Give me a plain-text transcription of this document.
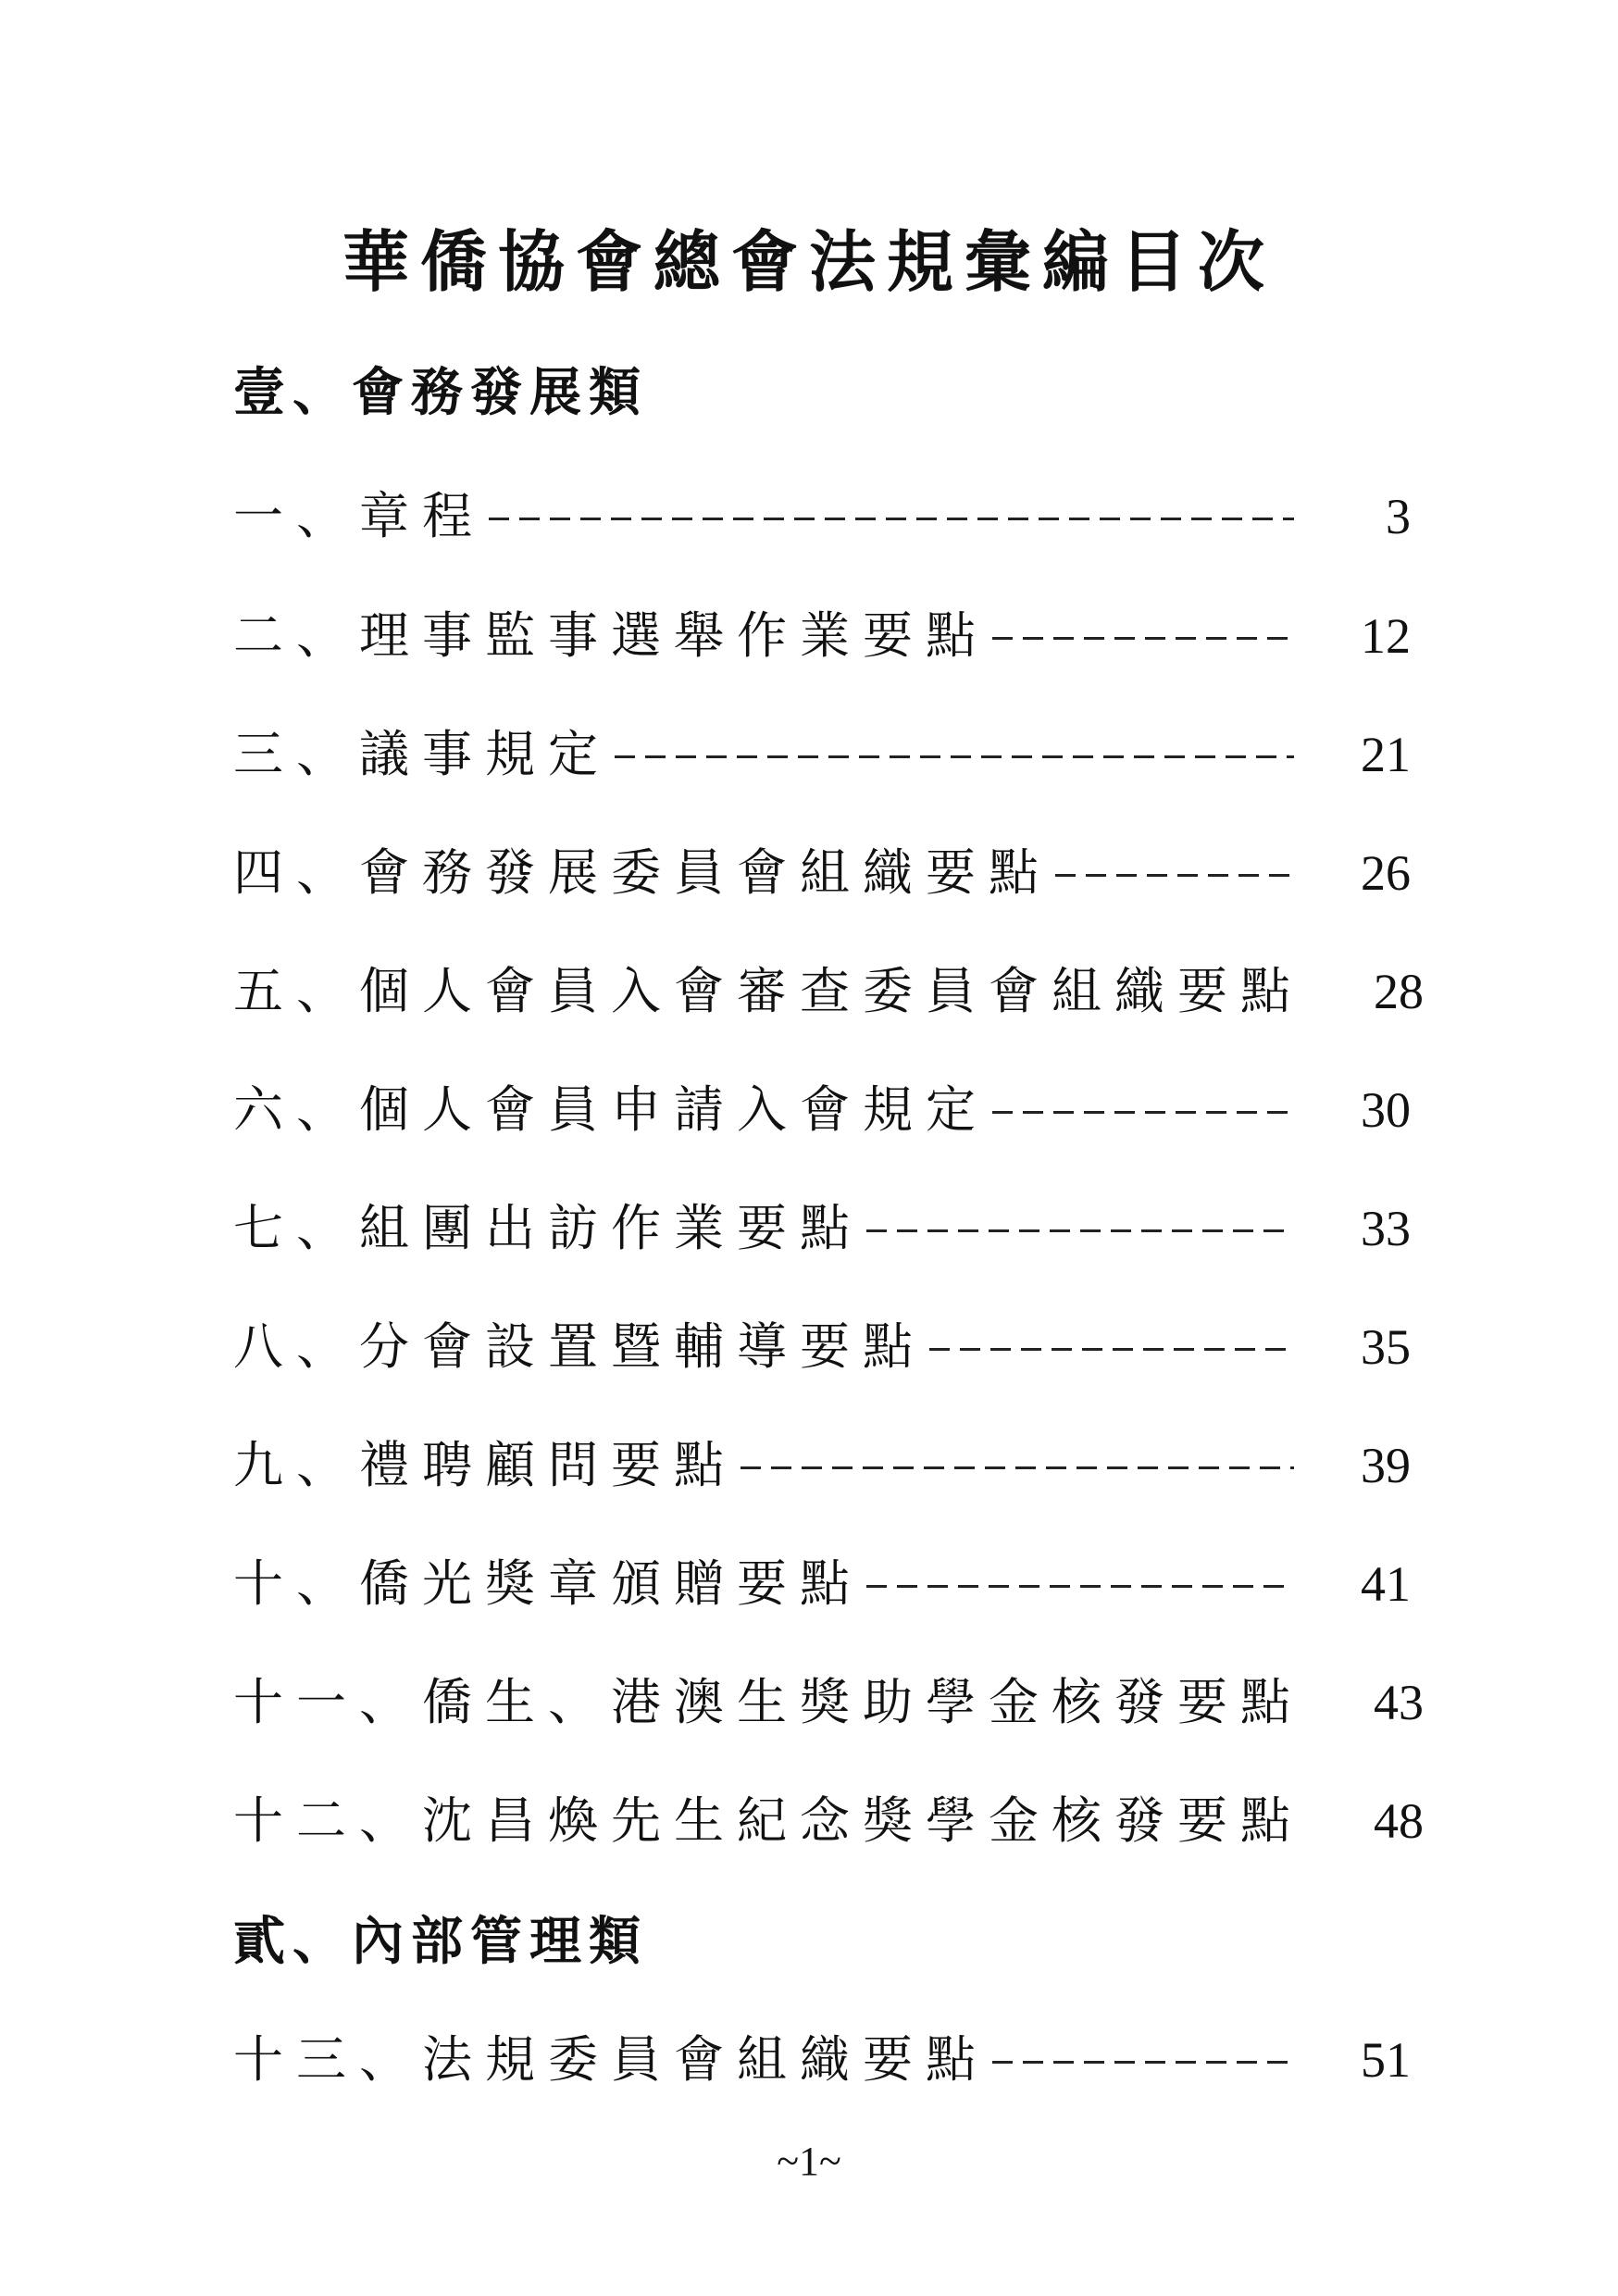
華僑協會總會法規彙編目次
壹、會務發展類
一、章程	3
二、理事監事選舉作業要點	12
三、議事規定	21
四、會務發展委員會組織要點	26
五、個人會員入會審查委員會組織要點	28
六、個人會員申請入會規定	30
七、組團出訪作業要點	33
八、分會設置暨輔導要點	35
九、禮聘顧問要點	39
十、僑光獎章頒贈要點	41
十一、僑生、港澳生獎助學金核發要點	43
十二、沈昌煥先生紀念獎學金核發要點	48
貳、內部管理類
十三、法規委員會組織要點	51
~1~
